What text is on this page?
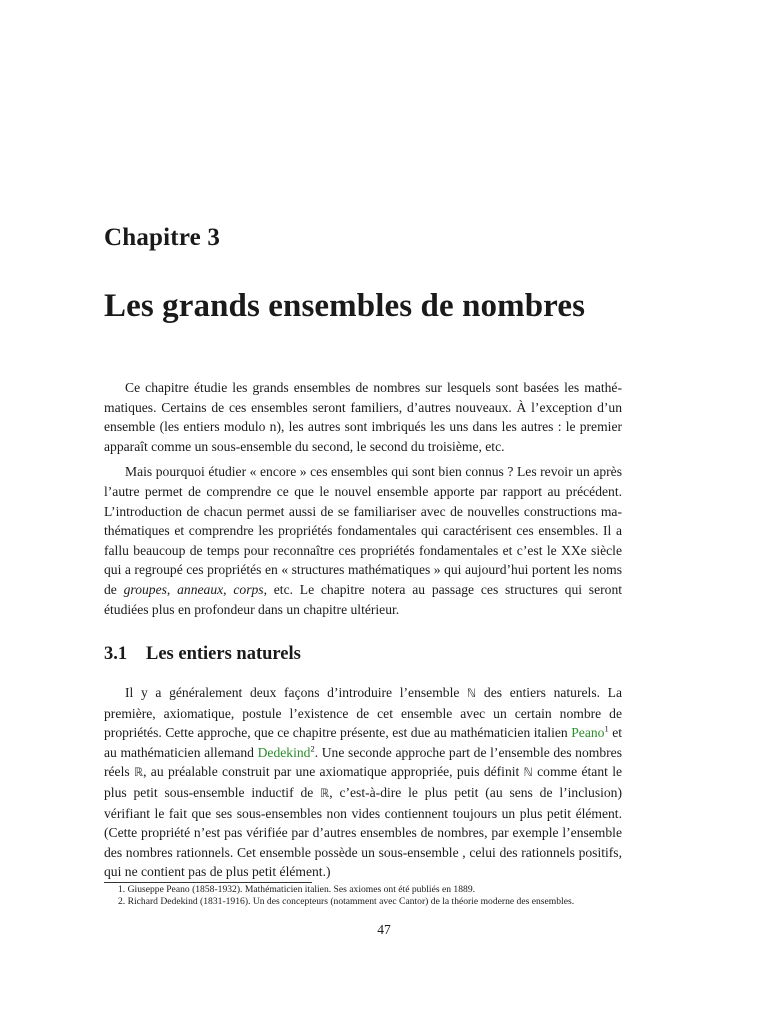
Chapitre 3
Les grands ensembles de nombres

Ce chapitre étudie les grands ensembles de nombres sur lesquels sont basées les mathématiques. Certains de ces ensembles seront familiers, d’autres nouveaux. À l’exception d’un ensemble (les entiers modulo n), les autres sont imbriqués les uns dans les autres : le premier apparaît comme un sous-ensemble du second, le second du troisième, etc.

Mais pourquoi étudier « encore » ces ensembles qui sont bien connus ? Les revoir un après l’autre permet de comprendre ce que le nouvel ensemble apporte par rapport au précédent. L’introduction de chacun permet aussi de se familiariser avec de nouvelles constructions mathématiques et comprendre les propriétés fondamentales qui caractérisent ces ensembles. Il a fallu beaucoup de temps pour reconnaître ces propriétés fondamentales et c’est le XXe siècle qui a regroupé ces propriétés en « structures mathématiques » qui aujourd’hui portent les noms de groupes, anneaux, corps, etc. Le chapitre notera au passage ces structures qui seront étudiées plus en profondeur dans un chapitre ultérieur.

3.1 Les entiers naturels

Il y a généralement deux façons d’introduire l’ensemble ℕ des entiers naturels. La première, axiomatique, postule l’existence de cet ensemble avec un certain nombre de propriétés. Cette approche, que ce chapitre présente, est due au mathématicien italien Peano$^1$ et au mathématicien allemand Dedekind$^2$. Une seconde approche part de l’ensemble des nombres réels ℝ, au préalable construit par une axiomatique appropriée, puis définit ℕ comme étant le plus petit sous-ensemble inductif de ℝ, c’est-à-dire le plus petit (au sens de l’inclusion) vérifiant le fait que ses sous-ensembles non vides contiennent toujours un plus petit élément. (Cette propriété n’est pas vérifiée par d’autres ensembles de nombres, par exemple l’ensemble des nombres rationnels. Cet ensemble possède un sous-ensemble , celui des rationnels positifs, qui ne contient pas de plus petit élément.)

1. Giuseppe Peano (1858-1932). Mathématicien italien. Ses axiomes ont été publiés en 1889.

2. Richard Dedekind (1831-1916). Un des concepteurs (notamment avec Cantor) de la théorie moderne des ensembles.

47
